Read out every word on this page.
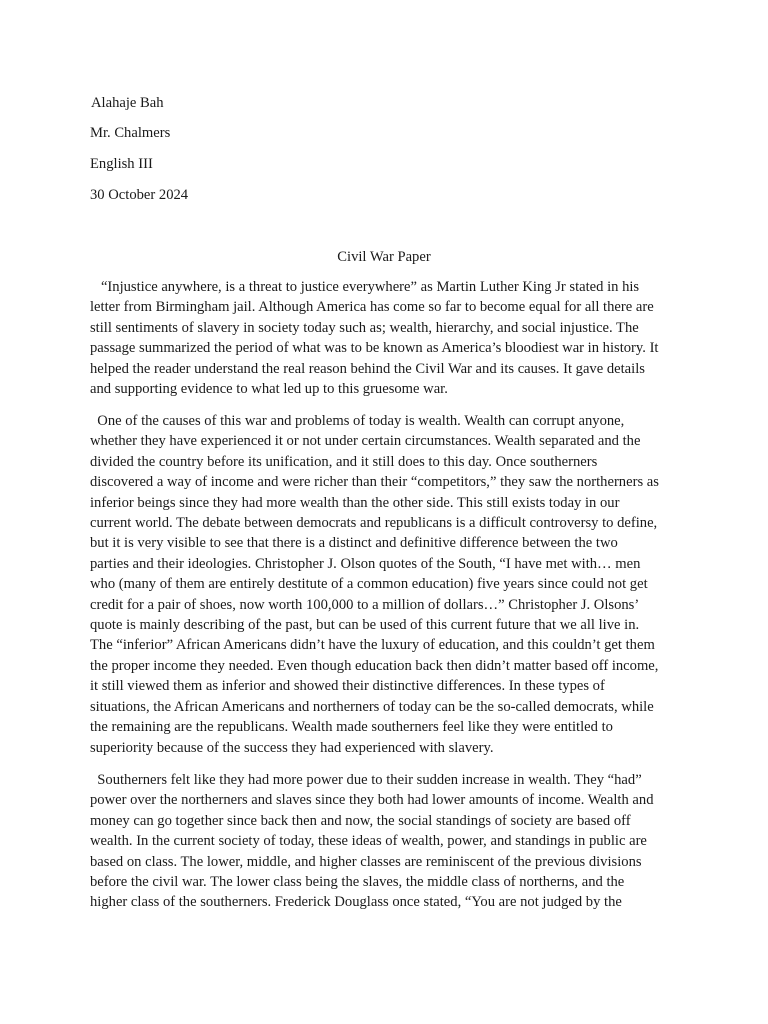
Alahaje Bah
Mr. Chalmers
English III
30 October 2024
Civil War Paper
“Injustice anywhere, is a threat to justice everywhere” as Martin Luther King Jr stated in his
letter from Birmingham jail. Although America has come so far to become equal for all there are
still sentiments of slavery in society today such as; wealth, hierarchy, and social injustice. The
passage summarized the period of what was to be known as America’s bloodiest war in history. It
helped the reader understand the real reason behind the Civil War and its causes. It gave details
and supporting evidence to what led up to this gruesome war.
One of the causes of this war and problems of today is wealth. Wealth can corrupt anyone,
whether they have experienced it or not under certain circumstances. Wealth separated and the
divided the country before its unification, and it still does to this day. Once southerners
discovered a way of income and were richer than their “competitors,” they saw the northerners as
inferior beings since they had more wealth than the other side. This still exists today in our
current world. The debate between democrats and republicans is a difficult controversy to define,
but it is very visible to see that there is a distinct and definitive difference between the two
parties and their ideologies. Christopher J. Olson quotes of the South, “I have met with… men
who (many of them are entirely destitute of a common education) five years since could not get
credit for a pair of shoes, now worth 100,000 to a million of dollars…” Christopher J. Olsons’
quote is mainly describing of the past, but can be used of this current future that we all live in.
The “inferior” African Americans didn’t have the luxury of education, and this couldn’t get them
the proper income they needed. Even though education back then didn’t matter based off income,
it still viewed them as inferior and showed their distinctive differences. In these types of
situations, the African Americans and northerners of today can be the so-called democrats, while
the remaining are the republicans. Wealth made southerners feel like they were entitled to
superiority because of the success they had experienced with slavery.
Southerners felt like they had more power due to their sudden increase in wealth. They “had”
power over the northerners and slaves since they both had lower amounts of income. Wealth and
money can go together since back then and now, the social standings of society are based off
wealth. In the current society of today, these ideas of wealth, power, and standings in public are
based on class. The lower, middle, and higher classes are reminiscent of the previous divisions
before the civil war. The lower class being the slaves, the middle class of northerns, and the
higher class of the southerners. Frederick Douglass once stated, “You are not judged by the
